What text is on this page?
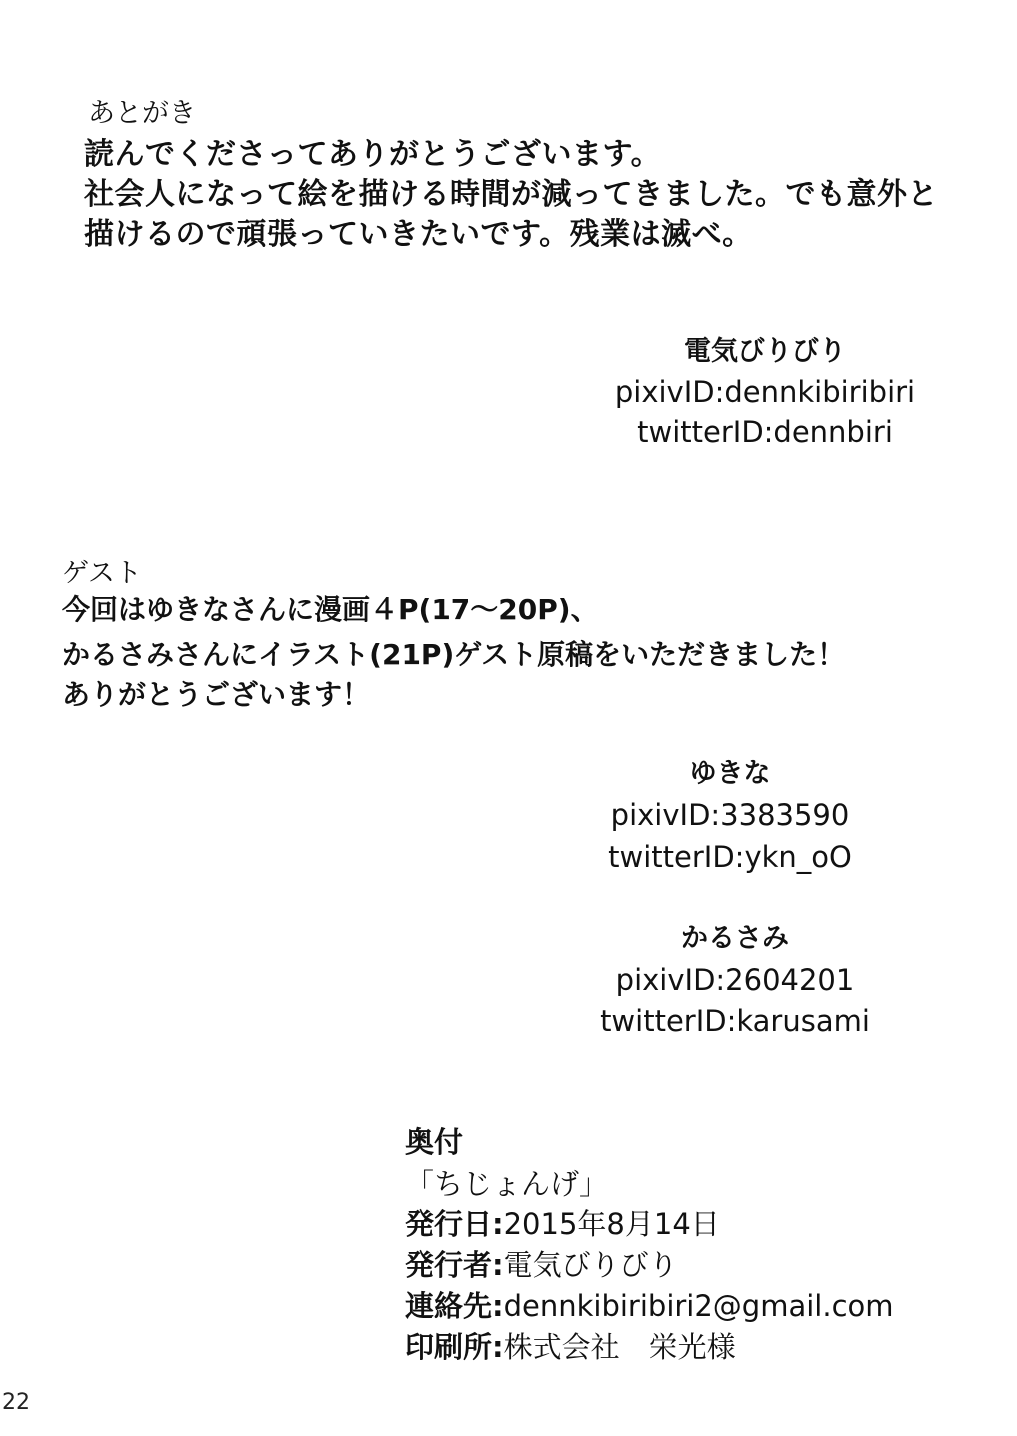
あとがき
読んでくださってありがとうございます。
社会人になって絵を描ける時間が減ってきました。でも意外と
描けるので頑張っていきたいです。残業は滅べ。
電気びりびり
pixivID:dennkibiribiri
twitterID:dennbiri
ゲスト
今回はゆきなさんに漫画４P(17～20P)、
かるさみさんにイラスト(21P)ゲスト原稿をいただきました！
ありがとうございます！
ゆきな
pixivID:3383590
twitterID:ykn_oO
かるさみ
pixivID:2604201
twitterID:karusami
奥付
「ちじょんげ」
発行日:2015年8月14日
発行者:電気びりびり
連絡先:dennkibiribiri2@gmail.com
印刷所:株式会社　栄光様
22
